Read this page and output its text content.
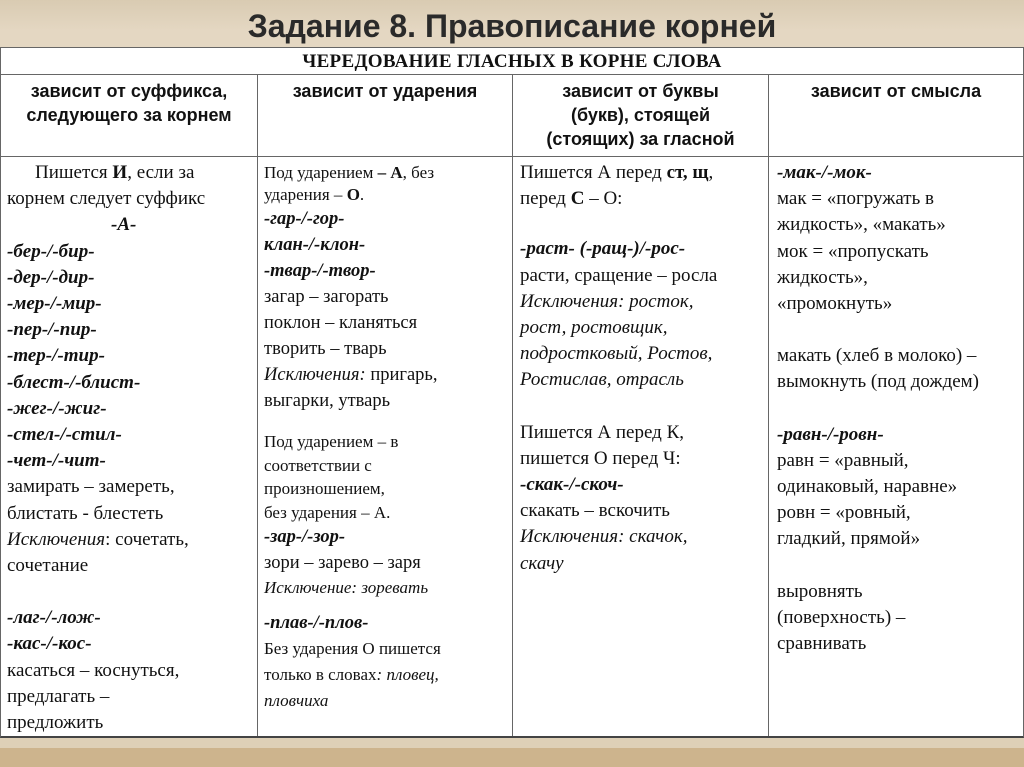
Задание 8. Правописание корней
ЧЕРЕДОВАНИЕ ГЛАСНЫХ В КОРНЕ СЛОВА
зависит от суффикса, следующего за корнем
зависит от ударения	зависит от буквы (букв), стоящей (стоящих) за гласной
зависит от смысла
Пишется И, если за
корнем следует суффикс
-А-
-бер-/-бир-
-дер-/-дир-
-мер-/-мир-
-пер-/-пир-
-тер-/-тир-
-блест-/-блист-
-жег-/-жиг-
-стел-/-стил-
-чет-/-чит-
замирать – замереть,
блистать - блестеть
Исключения: сочетать,
сочетание
-лаг-/-лож-
-кас-/-кос-
касаться – коснуться,
предлагать –
предложить
Под ударением – А, без
ударения – О.
-гар-/-гор-
клан-/-клон-
-твар-/-твор-
загар – загорать
поклон – кланяться
творить – тварь
Исключения: пригарь,
выгарки, утварь
Под ударением – в
соответствии с
произношением,
без ударения – А.
-зар-/-зор-
зори – зарево – заря
Исключение: зоревать
-плав-/-плов-
Без ударения О пишется
только в словах: пловец,
пловчиха
Пишется А перед ст, щ,
перед С – О:
-раст- (-ращ-)/-рос-
расти, сращение – росла
Исключения: росток,
рост, ростовщик,
подростковый, Ростов,
Ростислав, отрасль
Пишется А перед К,
пишется О перед Ч:
-скак-/-скоч-
скакать – вскочить
Исключения: скачок,
скачу
-мак-/-мок-
мак = «погружать в
жидкость», «макать»
мок = «пропускать
жидкость»,
«промокнуть»
макать (хлеб в молоко) –
вымокнуть (под дождем)
-равн-/-ровн-
равн = «равный,
одинаковый, наравне»
ровн = «ровный,
гладкий, прямой»
выровнять
(поверхность) –
сравнивать
